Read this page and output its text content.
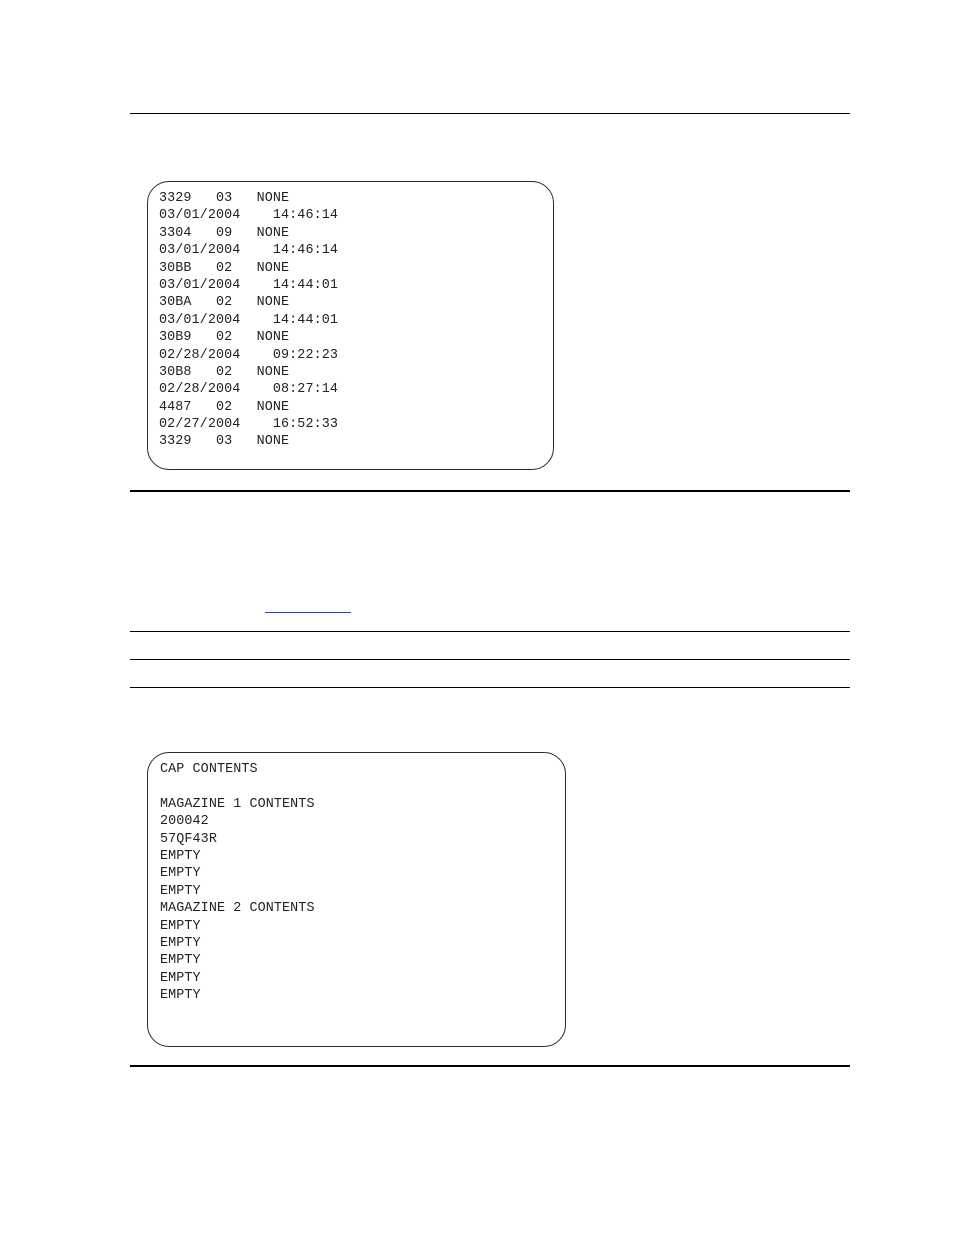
3329   03   NONE
03/01/2004    14:46:14
3304   09   NONE
03/01/2004    14:46:14
30BB   02   NONE
03/01/2004    14:44:01
30BA   02   NONE
03/01/2004    14:44:01
30B9   02   NONE
02/28/2004    09:22:23
30B8   02   NONE
02/28/2004    08:27:14
4487   02   NONE
02/27/2004    16:52:33
3329   03   NONE
CAP CONTENTS
MAGAZINE 1 CONTENTS
200042
57QF43R
EMPTY
EMPTY
EMPTY
MAGAZINE 2 CONTENTS
EMPTY
EMPTY
EMPTY
EMPTY
EMPTY
